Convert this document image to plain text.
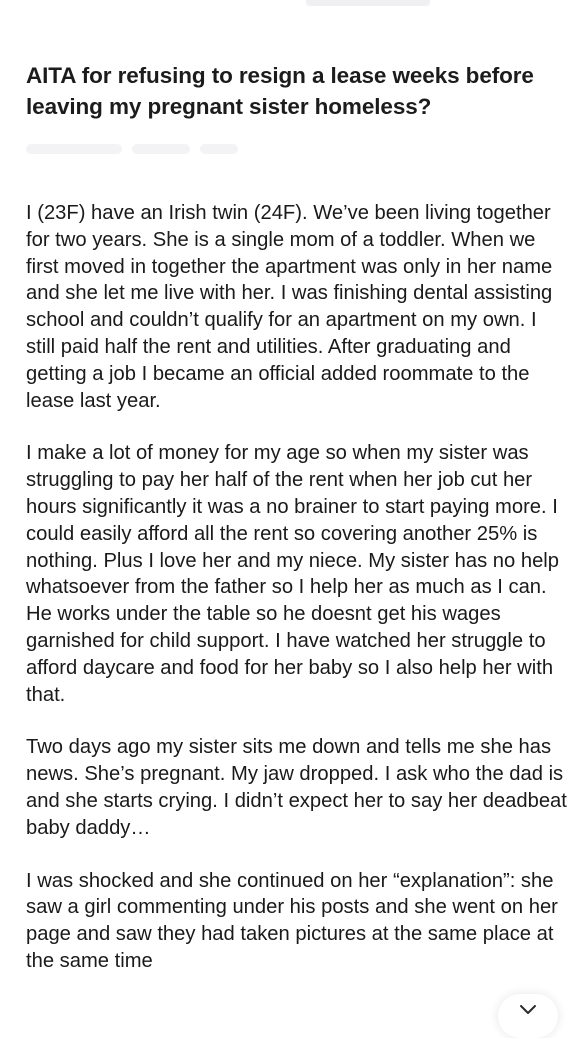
AITA for refusing to resign a lease weeks before leaving my pregnant sister homeless?

I (23F) have an Irish twin (24F). We’ve been living together for two years. She is a single mom of a toddler. When we first moved in together the apartment was only in her name and she let me live with her. I was finishing dental assisting school and couldn’t qualify for an apartment on my own. I still paid half the rent and utilities. After graduating and getting a job I became an official added roommate to the lease last year.

I make a lot of money for my age so when my sister was struggling to pay her half of the rent when her job cut her hours significantly it was a no brainer to start paying more. I could easily afford all the rent so covering another 25% is nothing. Plus I love her and my niece. My sister has no help whatsoever from the father so I help her as much as I can. He works under the table so he doesnt get his wages garnished for child support. I have watched her struggle to afford daycare and food for her baby so I also help her with that.

Two days ago my sister sits me down and tells me she has news. She’s pregnant. My jaw dropped. I ask who the dad is and she starts crying. I didn’t expect her to say her deadbeat baby daddy…

I was shocked and she continued on her “explanation”: she saw a girl commenting under his posts and she went on her page and saw they had taken pictures at the same place at the same time
